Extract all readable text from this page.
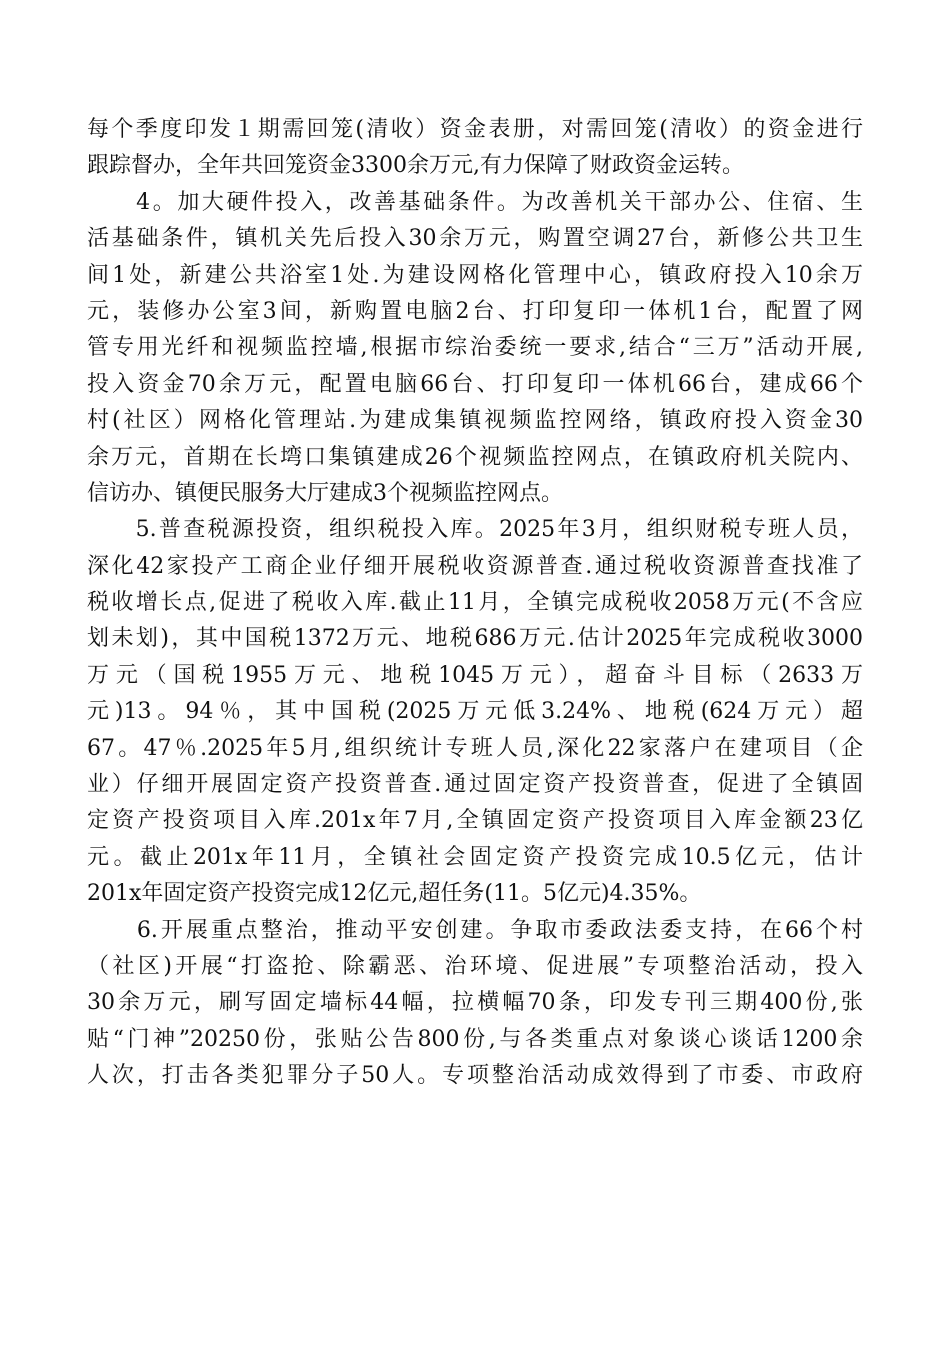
每个季度印发１期需回笼(清收）资金表册，对需回笼(清收）的资金进行
跟踪督办，全年共回笼资金3300余万元,有力保障了财政资金运转。
　　4。加大硬件投入，改善基础条件。为改善机关干部办公、住宿、生
活基础条件，镇机关先后投入30余万元，购置空调27台，新修公共卫生
间1处，新建公共浴室1处.为建设网格化管理中心，镇政府投入10余万
元，装修办公室3间，新购置电脑2台、打印复印一体机1台，配置了网
管专用光纤和视频监控墙,根据市综治委统一要求,结合“三万”活动开展,
投入资金70余万元，配置电脑66台、打印复印一体机66台，建成66个
村(社区）网格化管理站.为建成集镇视频监控网络，镇政府投入资金30
余万元，首期在长塆口集镇建成26个视频监控网点，在镇政府机关院内、
信访办、镇便民服务大厅建成3个视频监控网点。
　　5.普查税源投资，组织税投入库。2025年3月，组织财税专班人员，
深化42家投产工商企业仔细开展税收资源普查.通过税收资源普查找准了
税收增长点,促进了税收入库.截止11月，全镇完成税收2058万元(不含应
划未划)，其中国税1372万元、地税686万元.估计2025年完成税收3000
万元（国税1955万元、地税1045万元），超奋斗目标（2633万
元)13。94％，其中国税(2025万元低3.24%、地税(624万元）超
67。47％.2025年5月,组织统计专班人员,深化22家落户在建项目（企
业）仔细开展固定资产投资普查.通过固定资产投资普查，促进了全镇固
定资产投资项目入库.201x年7月,全镇固定资产投资项目入库金额23亿
元。截止201x年11月，全镇社会固定资产投资完成10.5亿元，估计
201x年固定资产投资完成12亿元,超任务(11。5亿元)4.35%。
　　6.开展重点整治，推动平安创建。争取市委政法委支持，在66个村
（社区)开展“打盗抢、除霸恶、治环境、促进展”专项整治活动，投入
30余万元，刷写固定墙标44幅，拉横幅70条，印发专刊三期400份,张
贴“门神”20250份，张贴公告800份,与各类重点对象谈心谈话1200余
人次，打击各类犯罪分子50人。专项整治活动成效得到了市委、市政府
